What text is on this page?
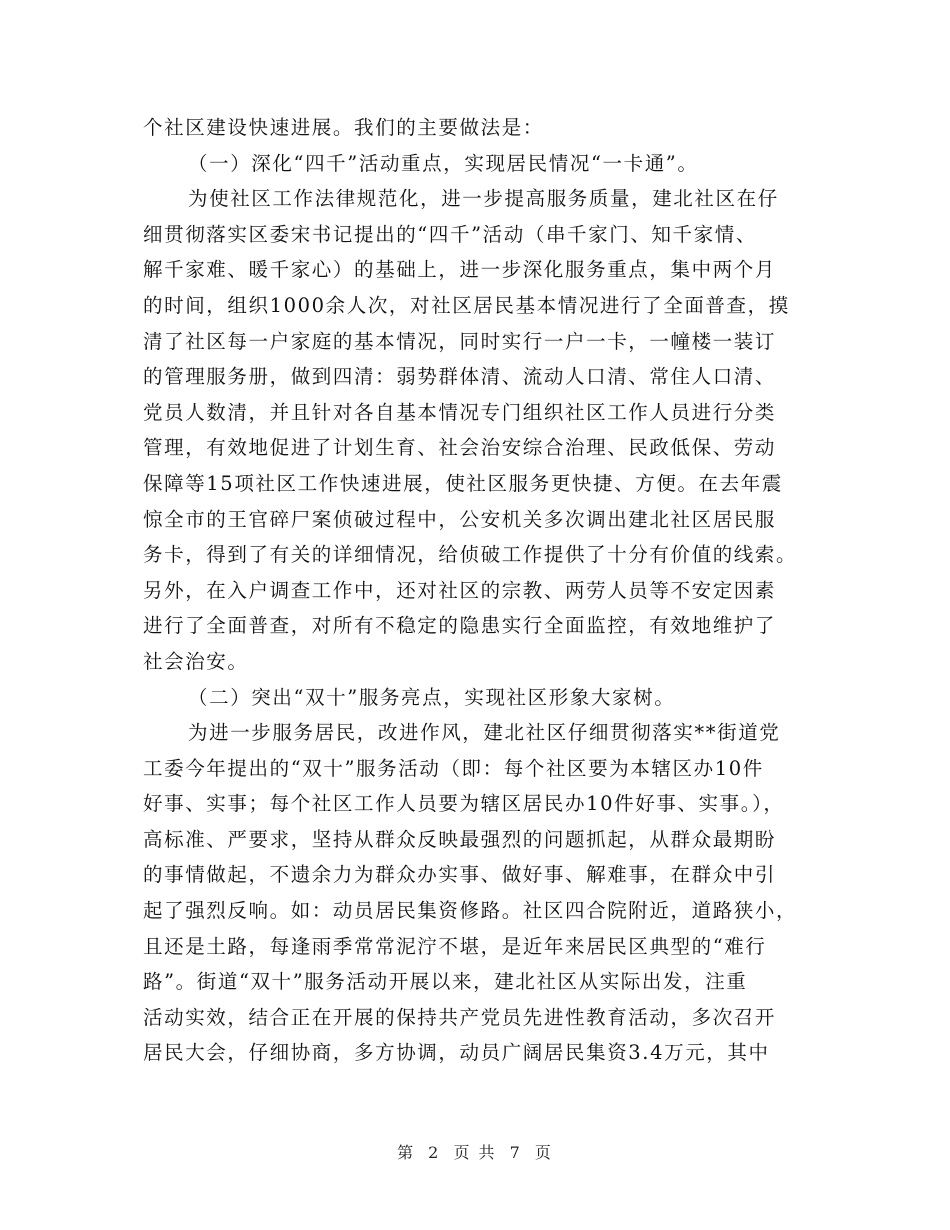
个社区建设快速进展。我们的主要做法是：
（一）深化“四千”活动重点，实现居民情况“一卡通”。
为使社区工作法律规范化，进一步提高服务质量，建北社区在仔
细贯彻落实区委宋书记提出的“四千”活动（串千家门、知千家情、
解千家难、暖千家心）的基础上，进一步深化服务重点，集中两个月
的时间，组织1000余人次，对社区居民基本情况进行了全面普查，摸
清了社区每一户家庭的基本情况，同时实行一户一卡，一幢楼一装订
的管理服务册，做到四清：弱势群体清、流动人口清、常住人口清、
党员人数清，并且针对各自基本情况专门组织社区工作人员进行分类
管理，有效地促进了计划生育、社会治安综合治理、民政低保、劳动
保障等15项社区工作快速进展，使社区服务更快捷、方便。在去年震
惊全市的王官碎尸案侦破过程中，公安机关多次调出建北社区居民服
务卡，得到了有关的详细情况，给侦破工作提供了十分有价值的线索。
另外，在入户调查工作中，还对社区的宗教、两劳人员等不安定因素
进行了全面普查，对所有不稳定的隐患实行全面监控，有效地维护了
社会治安。
（二）突出“双十”服务亮点，实现社区形象大家树。
为进一步服务居民，改进作风，建北社区仔细贯彻落实**街道党
工委今年提出的“双十”服务活动（即：每个社区要为本辖区办10件
好事、实事；每个社区工作人员要为辖区居民办10件好事、实事。），
高标准、严要求，坚持从群众反映最强烈的问题抓起，从群众最期盼
的事情做起，不遗余力为群众办实事、做好事、解难事，在群众中引
起了强烈反响。如：动员居民集资修路。社区四合院附近，道路狭小，
且还是土路，每逢雨季常常泥泞不堪，是近年来居民区典型的“难行
路”。街道“双十”服务活动开展以来，建北社区从实际出发，注重
活动实效，结合正在开展的保持共产党员先进性教育活动，多次召开
居民大会，仔细协商，多方协调，动员广阔居民集资3.4万元，其中
第 2 页 共 7 页
